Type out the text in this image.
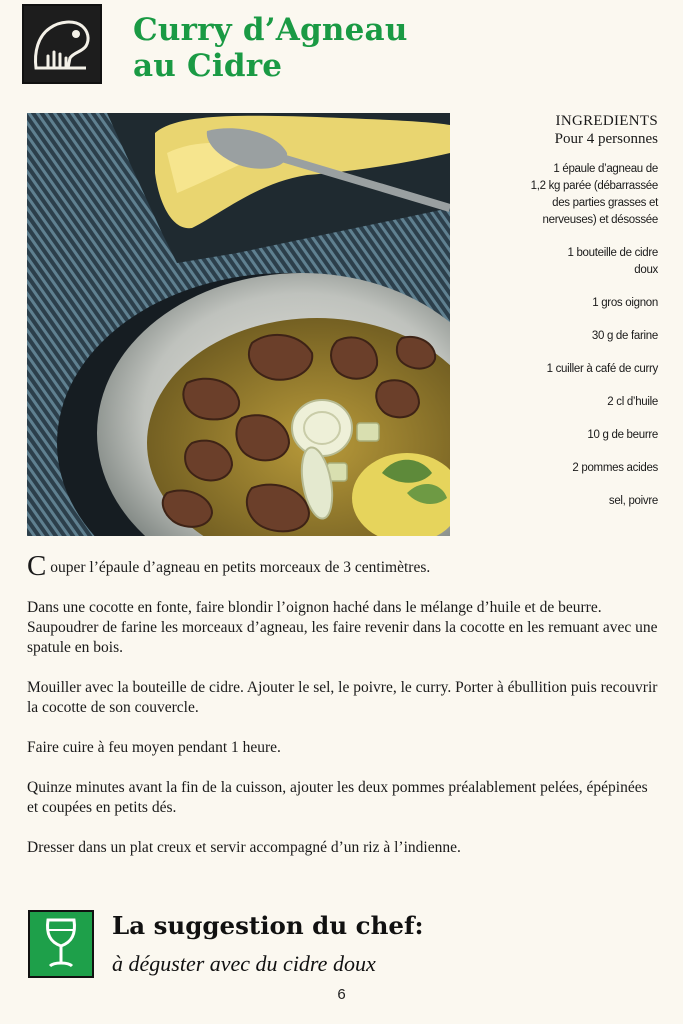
Curry d’Agneau
au Cidre
INGREDIENTS
Pour 4 personnes
1 épaule d’agneau de
1,2 kg parée (débarrassée
des parties grasses et
nerveuses) et désossée
1 bouteille de cidre
doux
1 gros oignon
30 g de farine
1 cuiller à café de curry
2 cl d’huile
10 g de beurre
2 pommes acides
sel, poivre

C ouper l’épaule d’agneau en petits morceaux de 3 centimètres.

Dans une cocotte en fonte, faire blondir l’oignon haché dans le mélange d’huile et de beurre. Saupoudrer de farine les morceaux d’agneau, les faire revenir dans la cocotte en les remuant avec une spatule en bois.

Mouiller avec la bouteille de cidre. Ajouter le sel, le poivre, le curry. Porter à ébullition puis recouvrir la cocotte de son couvercle.

Faire cuire à feu moyen pendant 1 heure.

Quinze minutes avant la fin de la cuisson, ajouter les deux pommes préalablement pelées, épépinées et coupées en petits dés.

Dresser dans un plat creux et servir accompagné d’un riz à l’indienne.

La suggestion du chef:
à déguster avec du cidre doux
6
